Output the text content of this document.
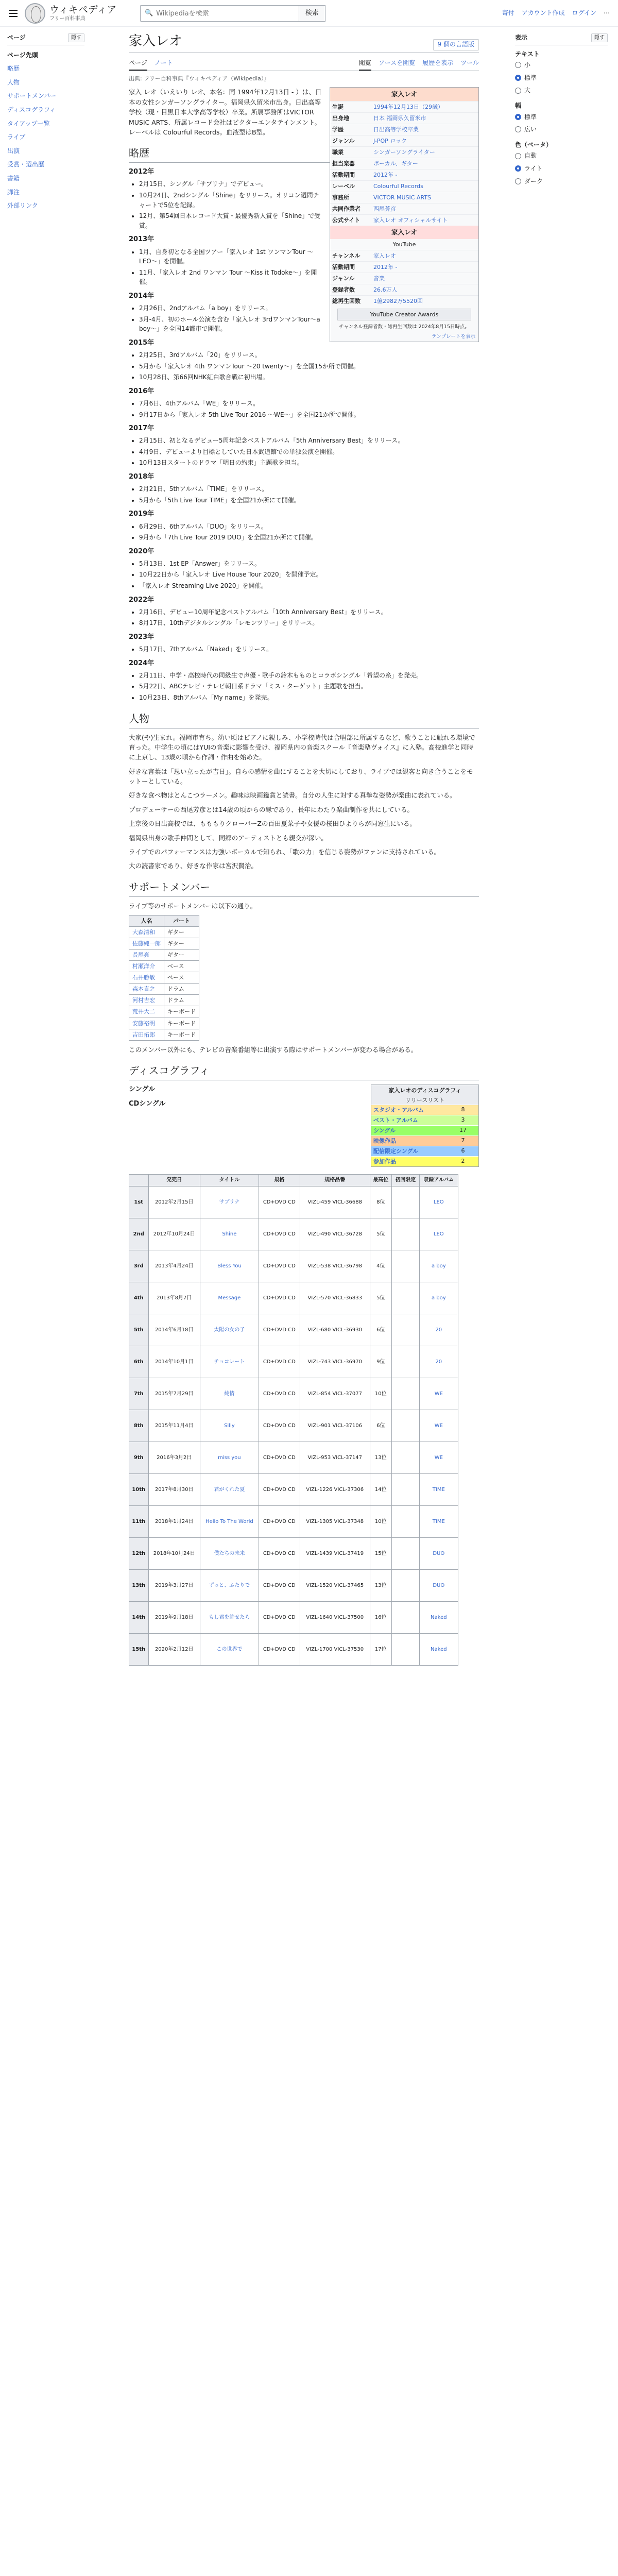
ウィキペディア
フリー百科事典
🔍
Wikipediaを検索	検索	寄付 アカウント作成 ログイン ⋯
ページ	隠す
ページ先頭
略歴
人物
サポートメンバー
ディスコグラフィ
タイアップ一覧
ライブ
出演
受賞・選出歴
書籍
脚注
外部リンク
家入レオ	9 個の言語版
ページ ノート	閲覧 ソースを閲覧 履歴を表示 ツール
出典: フリー百科事典『ウィキペディア（Wikipedia）』
家入レオ
生誕	1994年12月13日（29歳）
出身地	日本 福岡県久留米市
学歴	日出高等学校卒業
ジャンル	J-POP ロック
職業	シンガーソングライター
担当楽器	ボーカル、ギター
活動期間	2012年 -
レーベル	Colourful Records
事務所	VICTOR MUSIC ARTS
共同作業者	西尾芳彦
公式サイト	家入レオ オフィシャルサイト
家入レオ
YouTube
チャンネル	家入レオ
活動期間	2012年 -
ジャンル	音楽
登録者数	26.6万人
総再生回数	1億2982万5520回
YouTube Creator Awards
チャンネル登録者数・総再生回数は 2024年8月15日時点。
テンプレートを表示

家入 レオ（いえいり レオ、本名：同 1994年12月13日 - ）は、日本の女性シンガーソングライター。福岡県久留米市出身。日出高等学校（現・目黒日本大学高等学校）卒業。所属事務所はVICTOR MUSIC ARTS、所属レコード会社はビクターエンタテインメント。レーベルは Colourful Records。血液型はB型。

略歴
2012年
• 2月15日、シングル「サブリナ」でデビュー。
• 10月24日、2ndシングル「Shine」をリリース。オリコン週間チャートで5位を記録。
• 12月、第54回日本レコード大賞・最優秀新人賞を「Shine」で受賞。
2013年
• 1月、自身初となる全国ツアー「家入レオ 1st ワンマンTour ～LEO～」を開催。
• 11月、「家入レオ 2nd ワンマン Tour ～Kiss it Todoke～」を開催。
2014年
• 2月26日、2ndアルバム「a boy」をリリース。
• 3月-4月、初のホール公演を含む「家入レオ 3rdワンマンTour～a boy～」を全国14都市で開催。
2015年
• 2月25日、3rdアルバム「20」をリリース。
• 5月から「家入レオ 4th ワンマンTour ～20 twenty～」を全国15か所で開催。
• 10月28日、第66回NHK紅白歌合戦に初出場。
2016年
• 7月6日、4thアルバム「WE」をリリース。
• 9月17日から「家入レオ 5th Live Tour 2016 ～WE～」を全国21か所で開催。
2017年
• 2月15日、初となるデビュー5周年記念ベストアルバム「5th Anniversary Best」をリリース。
• 4月9日、デビューより目標としていた日本武道館での単独公演を開催。
• 10月13日スタートのドラマ「明日の約束」主題歌を担当。
2018年
• 2月21日、5thアルバム「TIME」をリリース。
• 5月から「5th Live Tour TIME」を全国21か所にて開催。
2019年
• 6月29日、6thアルバム「DUO」をリリース。
• 9月から「7th Live Tour 2019 DUO」を全国21か所にて開催。
2020年
• 5月13日、1st EP「Answer」をリリース。
• 10月22日から「家入レオ Live House Tour 2020」を開催予定。
• 「家入レオ Streaming Live 2020」を開催。
2022年
• 2月16日、デビュー10周年記念ベストアルバム「10th Anniversary Best」をリリース。
• 8月17日、10thデジタルシングル「レモンツリー」をリリース。
2023年
• 5月17日、7thアルバム「Naked」をリリース。
2024年
• 2月11日、中学・高校時代の同級生で声優・歌手の鈴木もものとコラボシングル「希望の糸」を発売。
• 5月22日、ABCテレビ・テレビ朝日系ドラマ「ミス・ターゲット」主題歌を担当。
• 10月23日、8thアルバム「My name」を発売。
人物

大家(や)生まれ。福岡市育ち。幼い頃はピアノに親しみ、小学校時代は合唱部に所属するなど、歌うことに触れる環境で育った。中学生の頃にはYUIの音楽に影響を受け、福岡県内の音楽スクール『音楽塾ヴォイス』に入塾。高校進学と同時に上京し、13歳の頃から作詞・作曲を始めた。

好きな言葉は「思い立ったが吉日」。自らの感情を曲にすることを大切にしており、ライブでは観客と向き合うことをモットーとしている。

好きな食べ物はとんこつラーメン。趣味は映画鑑賞と読書。自分の人生に対する真摯な姿勢が楽曲に表れている。

プロデューサーの西尾芳彦とは14歳の頃からの縁であり、長年にわたり楽曲制作を共にしている。

上京後の日出高校では、もももりクローバーZの百田夏菜子や女優の桜田ひよりらが同窓生にいる。

福岡県出身の歌手仲間として、同郷のアーティストとも親交が深い。

ライブでのパフォーマンスは力強いボーカルで知られ、「歌の力」を信じる姿勢がファンに支持されている。

大の読書家であり、好きな作家は宮沢賢治。

サポートメンバー

ライブ等のサポートメンバーは以下の通り。

人名	パート
大森清和	ギター
佐藤純一郎	ギター
長尾亮	ギター
村瀬洋介	ベース
石井勝敏	ベース
森本直之	ドラム
河村吉宏	ドラム
荒井大二	キーボード
安藤裕明	キーボード
吉田拓郎	キーボード

このメンバー以外にも、テレビの音楽番組等に出演する際はサポートメンバーが変わる場合がある。

ディスコグラフィ
家入レオのディスコグラフィ
リリースリスト
スタジオ・アルバム	8
ベスト・アルバム	3
シングル	17
映像作品	7
配信限定シングル	6
参加作品	2
シングル
CDシングル
	発売日	タイトル	規格	規格品番	最高位	初回限定	収録アルバム
1st	2012年2月15日	サブリナ	CD+DVD CD	VIZL-459 VICL-36688	8位		LEO
2nd	2012年10月24日	Shine	CD+DVD CD	VIZL-490 VICL-36728	5位		LEO
3rd	2013年4月24日	Bless You	CD+DVD CD	VIZL-538 VICL-36798	4位		a boy
4th	2013年8月7日	Message	CD+DVD CD	VIZL-570 VICL-36833	5位		a boy
5th	2014年6月18日	太陽の女の子	CD+DVD CD	VIZL-680 VICL-36930	6位		20
6th	2014年10月1日	チョコレート	CD+DVD CD	VIZL-743 VICL-36970	9位		20
7th	2015年7月29日	純情	CD+DVD CD	VIZL-854 VICL-37077	10位		WE
8th	2015年11月4日	Silly	CD+DVD CD	VIZL-901 VICL-37106	6位		WE
9th	2016年3月2日	miss you	CD+DVD CD	VIZL-953 VICL-37147	13位		WE
10th	2017年8月30日	君がくれた夏	CD+DVD CD	VIZL-1226 VICL-37306	14位		TIME
11th	2018年1月24日	Hello To The World	CD+DVD CD	VIZL-1305 VICL-37348	10位		TIME
12th	2018年10月24日	僕たちの未来	CD+DVD CD	VIZL-1439 VICL-37419	15位		DUO
13th	2019年3月27日	ずっと、ふたりで	CD+DVD CD	VIZL-1520 VICL-37465	13位		DUO
14th	2019年9月18日	もし君を許せたら	CD+DVD CD	VIZL-1640 VICL-37500	16位		Naked
15th	2020年2月12日	この世界で	CD+DVD CD	VIZL-1700 VICL-37530	17位		Naked
表示	隠す
テキスト
小
標準
大
幅
標準
広い
色（ベータ）
自動
ライト
ダーク
